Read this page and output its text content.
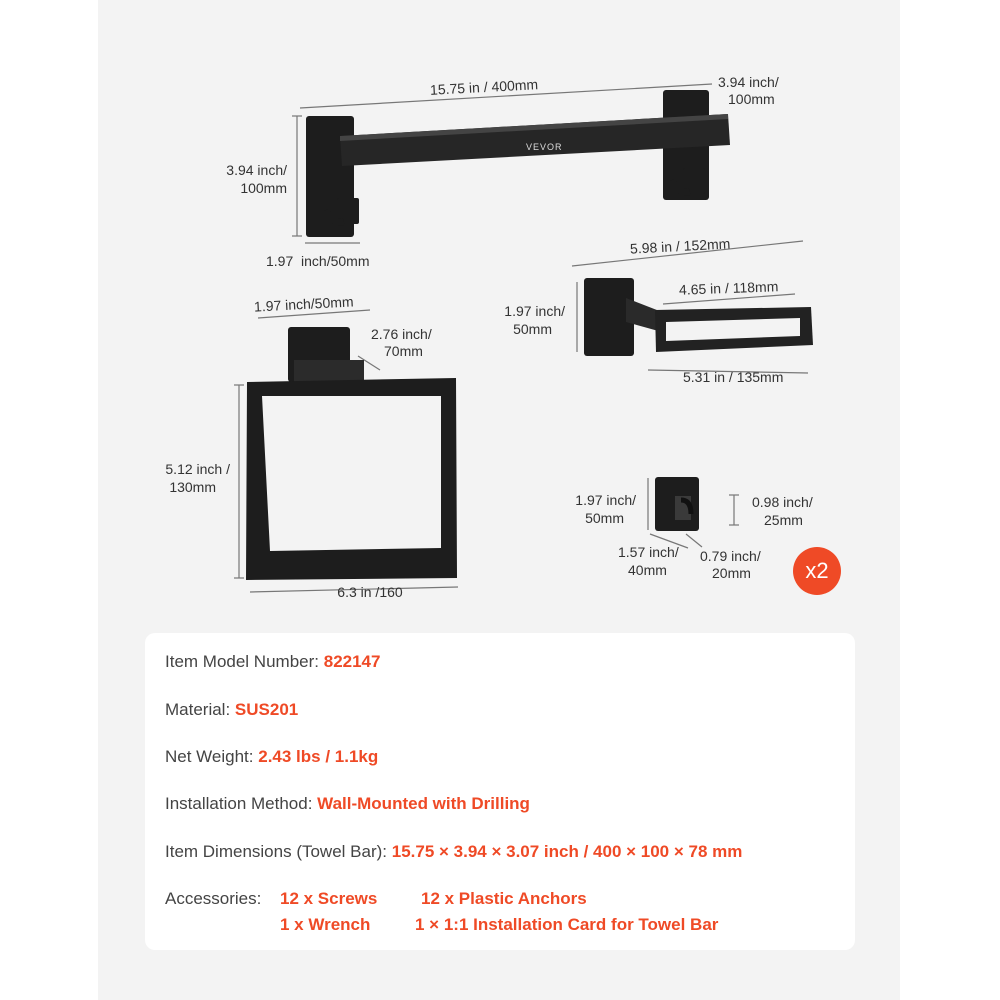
VEVOR
15.75 in / 400mm	3.94 inch/
100mm
3.94 inch/
100mm
1.97  inch/50mm
1.97 inch/50mm
2.76 inch/
70mm
5.12 inch /
130mm
6.3 in /160
5.98 in / 152mm
1.97 inch/
50mm
4.65 in / 118mm
5.31 in / 135mm
1.97 inch/
50mm
0.98 inch/
25mm
1.57 inch/
40mm
0.79 inch/
20mm	x2
Item Model Number: 822147
Material: SUS201
Net Weight: 2.43 lbs / 1.1kg
Installation Method: Wall-Mounted with Drilling
Item Dimensions (Towel Bar): 15.75 × 3.94 × 3.07 inch / 400 × 100 × 78 mm
Accessories: 12 x Screws	12 x Plastic Anchors
1 x Wrench	1 × 1:1 Installation Card for Towel Bar
